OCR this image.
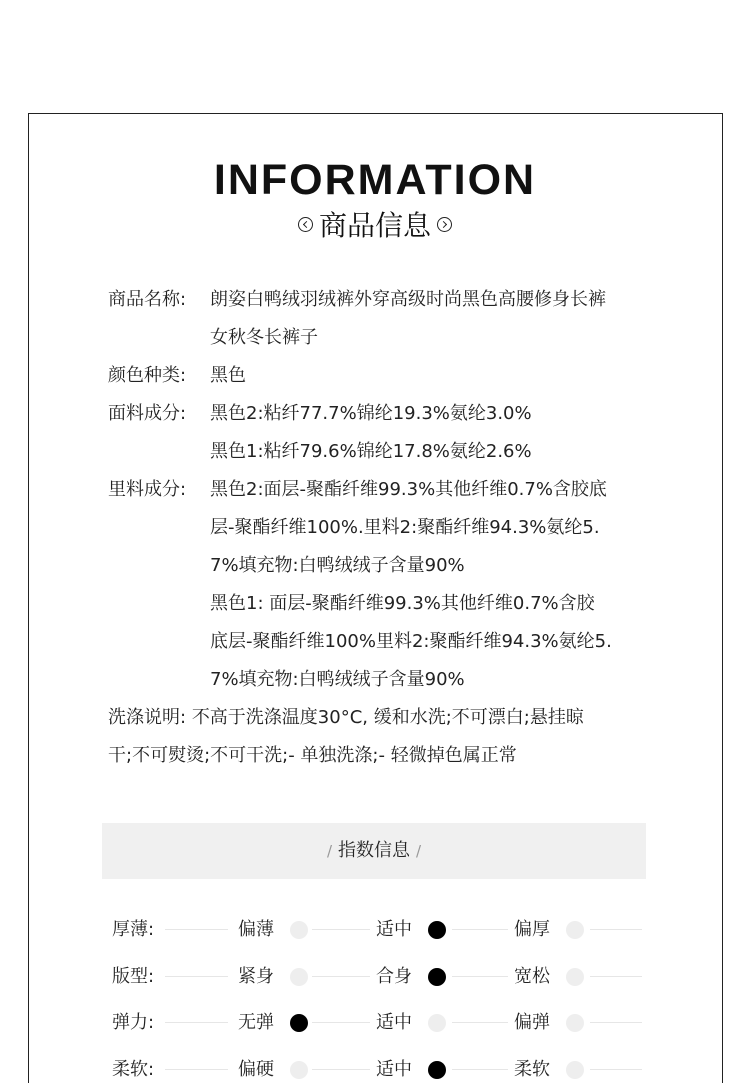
INFORMATION
商品信息
商品名称:	朗姿白鸭绒羽绒裤外穿高级时尚黑色高腰修身长裤
女秋冬长裤子
颜色种类:	黑色
面料成分:	黑色2:粘纤77.7%锦纶19.3%氨纶3.0%
黑色1:粘纤79.6%锦纶17.8%氨纶2.6%
里料成分:	黑色2:面层-聚酯纤维99.3%其他纤维0.7%含胶底
层-聚酯纤维100%.里料2:聚酯纤维94.3%氨纶5.
7%填充物:白鸭绒绒子含量90%
黑色1: 面层-聚酯纤维99.3%其他纤维0.7%含胶
底层-聚酯纤维100%里料2:聚酯纤维94.3%氨纶5.
7%填充物:白鸭绒绒子含量90%
洗涤说明: 不高于洗涤温度30°C, 缓和水洗;不可漂白;悬挂晾
干;不可熨烫;不可干洗;- 单独洗涤;- 轻微掉色属正常
/ 指数信息 /
厚薄:	偏薄	适中	偏厚
版型:	紧身	合身	宽松
弹力:	无弹	适中	偏弹
柔软:	偏硬	适中	柔软
